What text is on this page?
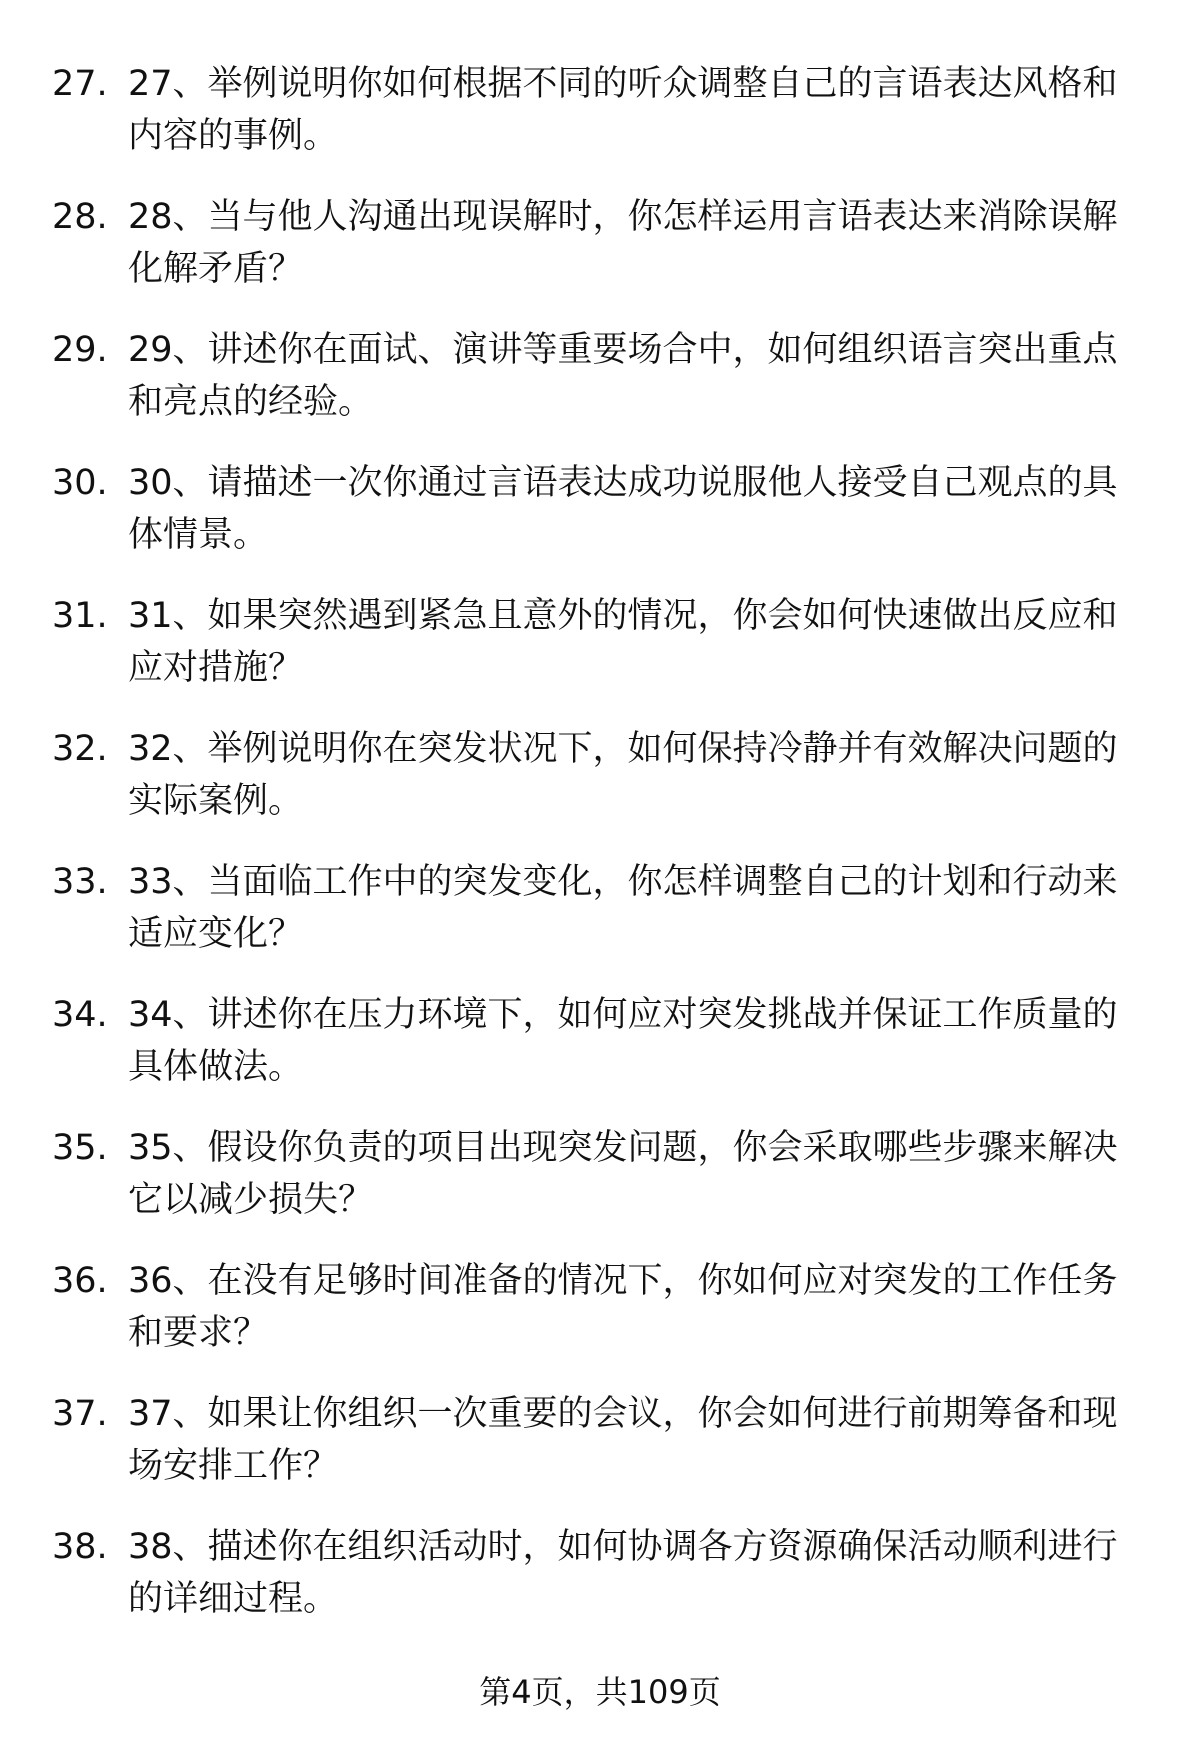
27. 27、举例说明你如何根据不同的听众调整自己的言语表达风格和内容的事例。
28. 28、当与他人沟通出现误解时，你怎样运用言语表达来消除误解化解矛盾？
29. 29、讲述你在面试、演讲等重要场合中，如何组织语言突出重点和亮点的经验。
30. 30、请描述一次你通过言语表达成功说服他人接受自己观点的具体情景。
31. 31、如果突然遇到紧急且意外的情况，你会如何快速做出反应和应对措施？
32. 32、举例说明你在突发状况下，如何保持冷静并有效解决问题的实际案例。
33. 33、当面临工作中的突发变化，你怎样调整自己的计划和行动来适应变化？
34. 34、讲述你在压力环境下，如何应对突发挑战并保证工作质量的具体做法。
35. 35、假设你负责的项目出现突发问题，你会采取哪些步骤来解决它以减少损失？
36. 36、在没有足够时间准备的情况下，你如何应对突发的工作任务和要求？
37. 37、如果让你组织一次重要的会议，你会如何进行前期筹备和现场安排工作？
38. 38、描述你在组织活动时，如何协调各方资源确保活动顺利进行的详细过程。
第4页，共109页
